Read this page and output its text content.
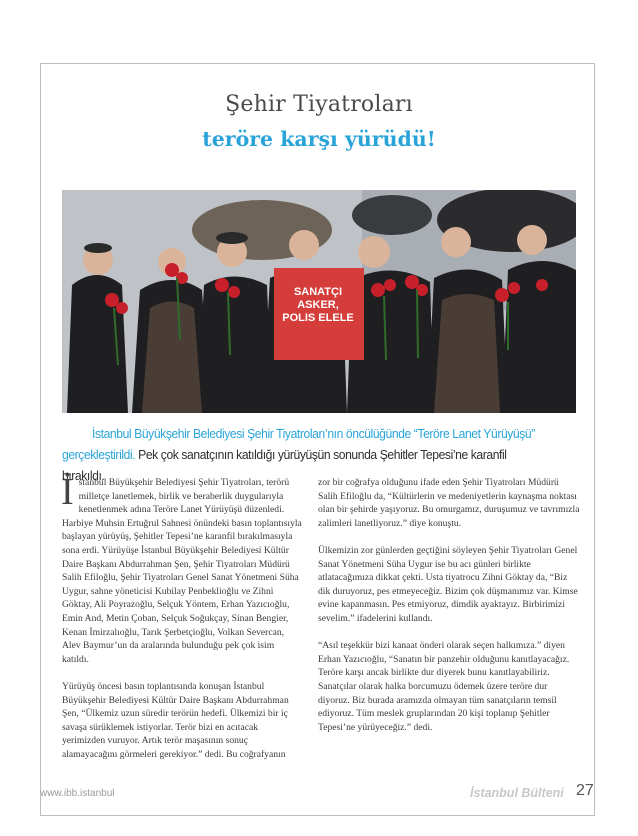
Şehir Tiyatroları
teröre karşı yürüdü!
SANATÇI
ASKER,
POLIS ELELE
İstanbul Büyükşehir Belediyesi Şehir Tiyatroları’nın öncülüğünde “Teröre Lanet Yürüyüşü”
gerçekleştirildi. Pek çok sanatçının katıldığı yürüyüşün sonunda Şehitler Tepesi’ne karanfil bırakıldı.

İstanbul Büyükşehir Belediyesi Şehir Tiyatroları, terörü milletçe lanetlemek, birlik ve beraberlik duygularıyla kenetlenmek adına Teröre Lanet Yürüyüşü düzenledi. Harbiye Muhsin Ertuğrul Sahnesi önündeki basın toplantısıyla başlayan yürüyüş, Şehitler Tepesi’ne karanfil bırakılmasıyla sona erdi. Yürüyüşe İstanbul Büyükşehir Belediyesi Kültür Daire Başkanı Abdurrahman Şen, Şehir Tiyatroları Müdürü Salih Efiloğlu, Şehir Tiyatroları Genel Sanat Yönetmeni Süha Uygur, sahne yöneticisi Kubilay Penbeklioğlu ve Zihni Göktay, Ali Poyrazoğlu, Selçuk Yöntem, Erhan Yazıcıoğlu, Emin And, Metin Çoban, Selçuk Soğukçay, Sinan Bengier, Kenan İmirzalıoğlu, Tarık Şerbetçioğlu, Volkan Severcan, Alev Baymur’un da aralarında bulunduğu pek çok isim katıldı.

Yürüyüş öncesi basın toplantısında konuşan İstanbul Büyükşehir Belediyesi Kültür Daire Başkanı Abdurrahman Şen, “Ülkemiz uzun süredir terörün hedefi. Ülkemizi bir iç savaşa sürüklemek istiyorlar. Terör bizi en acıtacak yerimizden vuruyor. Artık terör maşasının sonuç alamayacağını görmeleri gerekiyor.” dedi. Bu coğrafyanın

zor bir coğrafya olduğunu ifade eden Şehir Tiyatroları Müdürü Salih Efiloğlu da, “Kültürlerin ve medeniyetlerin kaynaşma noktası olan bir şehirde yaşıyoruz. Bu omurgamız, duruşumuz ve tavrımızla zalimleri lanetliyoruz.” diye konuştu.

Ülkemizin zor günlerden geçtiğini söyleyen Şehir Tiyatroları Genel Sanat Yönetmeni Süha Uygur ise bu acı günleri birlikte atlatacağımıza dikkat çekti. Usta tiyatrocu Zihni Göktay da, “Biz dik duruyoruz, pes etmeyeceğiz. Bizim çok düşmanımız var. Kimse evine kapanmasın. Pes etmiyoruz, dimdik ayaktayız. Birbirimizi sevelim.” ifadelerini kullandı.

“Asıl teşekkür bizi kanaat önderi olarak seçen halkımıza.” diyen Erhan Yazıcıoğlu, “Sanatın bir panzehir olduğunu kanıtlayacağız. Teröre karşı ancak birlikte dur diyerek bunu kanıtlayabiliriz. Sanatçılar olarak halka borcumuzu ödemek üzere teröre dur diyoruz. Biz burada aramızda olmayan tüm sanatçıların temsil ediyoruz. Tüm meslek gruplarından 20 kişi toplanıp Şehitler Tepesi’ne yürüyeceğiz.” dedi.

www.ibb.istanbul	İstanbul Bülteni 27
